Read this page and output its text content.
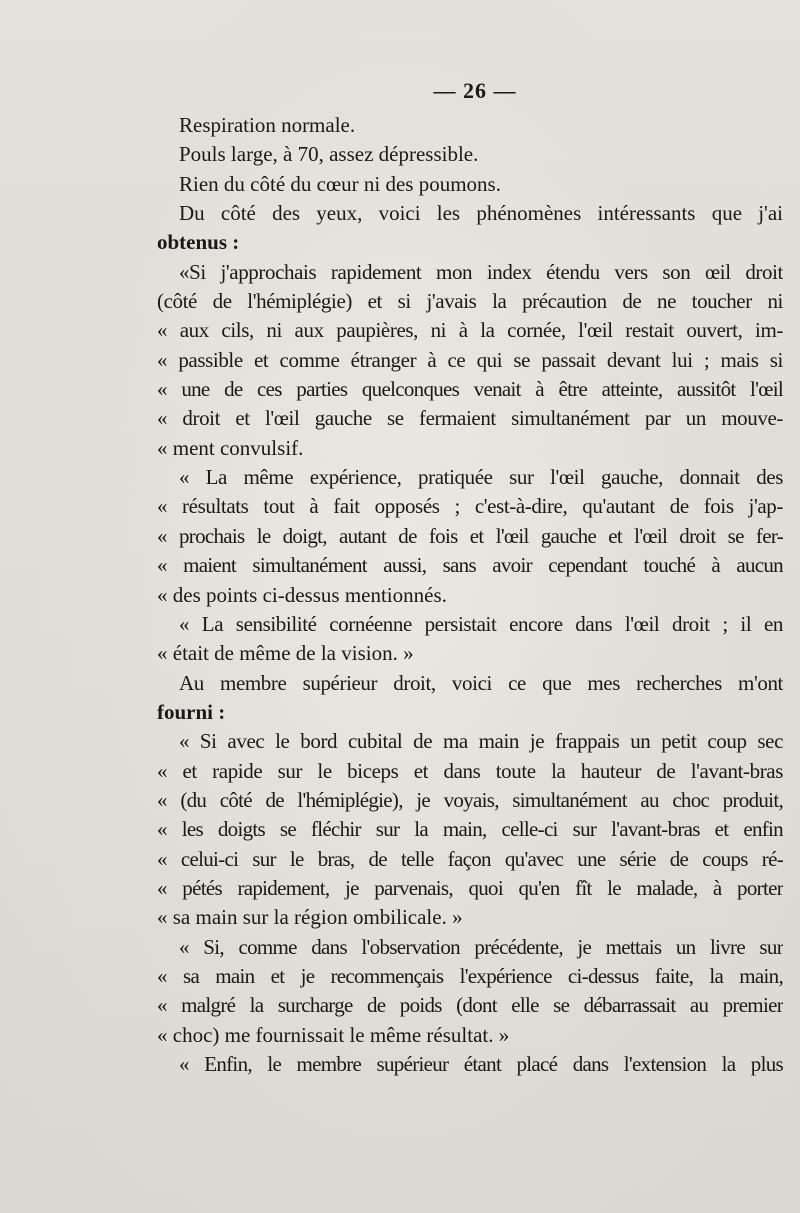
— 26 —
Respiration normale.
Pouls large, à 70, assez dépressible.
Rien du côté du cœur ni des poumons.
Du côté des yeux, voici les phénomènes intéressants que j'ai
obtenus :
«Si j'approchais rapidement mon index étendu vers son œil droit
(côté de l'hémiplégie) et si j'avais la précaution de ne toucher ni
« aux cils, ni aux paupières, ni à la cornée, l'œil restait ouvert, im-
« passible et comme étranger à ce qui se passait devant lui ; mais si
« une de ces parties quelconques venait à être atteinte, aussitôt l'œil
« droit et l'œil gauche se fermaient simultanément par un mouve-
« ment convulsif.
« La même expérience, pratiquée sur l'œil gauche, donnait des
« résultats tout à fait opposés ; c'est-à-dire, qu'autant de fois j'ap-
« prochais le doigt, autant de fois et l'œil gauche et l'œil droit se fer-
« maient simultanément aussi, sans avoir cependant touché à aucun
« des points ci-dessus mentionnés.
« La sensibilité cornéenne persistait encore dans l'œil droit ; il en
« était de même de la vision. »
Au membre supérieur droit, voici ce que mes recherches m'ont
fourni :
« Si avec le bord cubital de ma main je frappais un petit coup sec
« et rapide sur le biceps et dans toute la hauteur de l'avant-bras
« (du côté de l'hémiplégie), je voyais, simultanément au choc produit,
« les doigts se fléchir sur la main, celle-ci sur l'avant-bras et enfin
« celui-ci sur le bras, de telle façon qu'avec une série de coups ré-
« pétés rapidement, je parvenais, quoi qu'en fît le malade, à porter
« sa main sur la région ombilicale. »
« Si, comme dans l'observation précédente, je mettais un livre sur
« sa main et je recommençais l'expérience ci-dessus faite, la main,
« malgré la surcharge de poids (dont elle se débarrassait au premier
« choc) me fournissait le même résultat. »
« Enfin, le membre supérieur étant placé dans l'extension la plus
